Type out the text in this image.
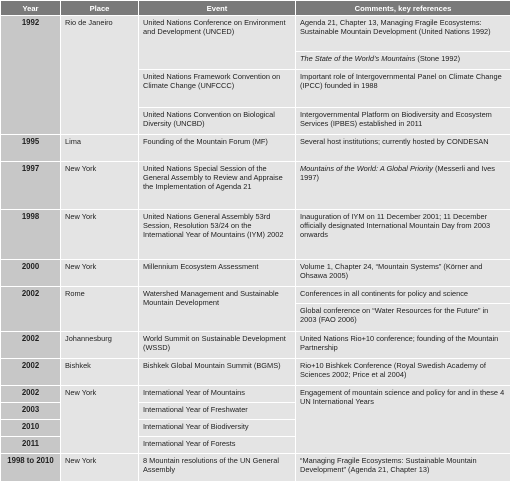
Year	Place	Event	Comments, key references
1992	Rio de Janeiro	United Nations Conference on Environment and Development (UNCED)	Agenda 21, Chapter 13, Managing Fragile Ecosystems: Sustainable Mountain Development (United Nations 1992)
			The State of the World’s Mountains (Stone 1992)
		United Nations Framework Convention on Climate Change (UNFCCC)	Important role of Intergovernmental Panel on Climate Change (IPCC) founded in 1988
		United Nations Convention on Biological Diversity (UNCBD)	Intergovernmental Platform on Biodiversity and Ecosystem Services (IPBES) established in 2011
1995	Lima	Founding of the Mountain Forum (MF)	Several host institutions; currently hosted by CONDESAN
1997	New York	United Nations Special Session of the General Assembly to Review and Appraise the Implementation of Agenda 21	Mountains of the World: A Global Priority (Messerli and Ives 1997)
1998	New York	United Nations General Assembly 53rd Session, Resolution 53/24 on the International Year of Mountains (IYM) 2002	Inauguration of IYM on 11 December 2001; 11 December officially designated International Mountain Day from 2003 onwards
2000	New York	Millennium Ecosystem Assessment	Volume 1, Chapter 24, “Mountain Systems” (Körner and Ohsawa 2005)
2002	Rome	Watershed Management and Sustainable Mountain Development	Conferences in all continents for policy and science
			Global conference on “Water Resources for the Future” in 2003 (FAO 2006)
2002	Johannesburg	World Summit on Sustainable Development (WSSD)	United Nations Rio+10 conference; founding of the Mountain Partnership
2002	Bishkek	Bishkek Global Mountain Summit (BGMS)	Rio+10 Bishkek Conference (Royal Swedish Academy of Sciences 2002; Price et al 2004)
2002	New York	International Year of Mountains	Engagement of mountain science and policy for and in these 4 UN International Years
2003		International Year of Freshwater	
2010		International Year of Biodiversity	
2011		International Year of Forests	
1998 to 2010	New York	8 Mountain resolutions of the UN General Assembly	“Managing Fragile Ecosystems: Sustainable Mountain Development” (Agenda 21, Chapter 13)
